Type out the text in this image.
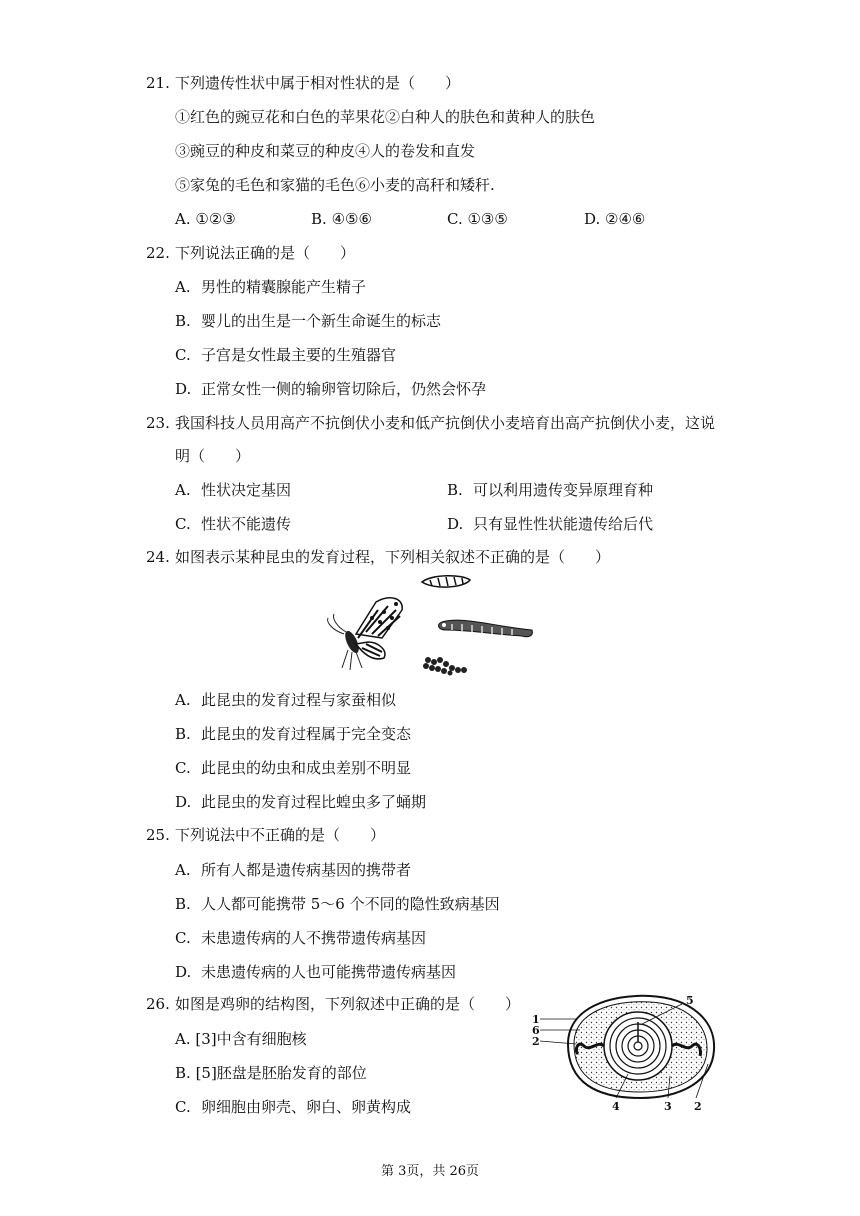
21. 下列遗传性状中属于相对性状的是（　　）
①红色的豌豆花和白色的苹果花②白种人的肤色和黄种人的肤色
③豌豆的种皮和菜豆的种皮④人的卷发和直发
⑤家兔的毛色和家猫的毛色⑥小麦的高秆和矮秆.
A. ①②③	B. ④⑤⑥	C. ①③⑤	D. ②④⑥
22. 下列说法正确的是（　　）
A. 男性的精囊腺能产生精子
B. 婴儿的出生是一个新生命诞生的标志
C. 子宫是女性最主要的生殖器官
D. 正常女性一侧的输卵管切除后，仍然会怀孕
23. 我国科技人员用高产不抗倒伏小麦和低产抗倒伏小麦培育出高产抗倒伏小麦，这说
明（　　）
A. 性状决定基因	B. 可以利用遗传变异原理育种
C. 性状不能遗传	D. 只有显性性状能遗传给后代
24. 如图表示某种昆虫的发育过程，下列相关叙述不正确的是（　　）
A. 此昆虫的发育过程与家蚕相似
B. 此昆虫的发育过程属于完全变态
C. 此昆虫的幼虫和成虫差别不明显
D. 此昆虫的发育过程比蝗虫多了蛹期
25. 下列说法中不正确的是（　　）
A. 所有人都是遗传病基因的携带者
B. 人人都可能携带 5～6 个不同的隐性致病基因
C. 未患遗传病的人不携带遗传病基因
D. 未患遗传病的人也可能携带遗传病基因
26. 如图是鸡卵的结构图，下列叙述中正确的是（　　）
A. [3]中含有细胞核
B. [5]胚盘是胚胎发育的部位
C. 卵细胞由卵壳、卵白、卵黄构成
5
1
6
2
4	3 2
第 3页，共 26页
